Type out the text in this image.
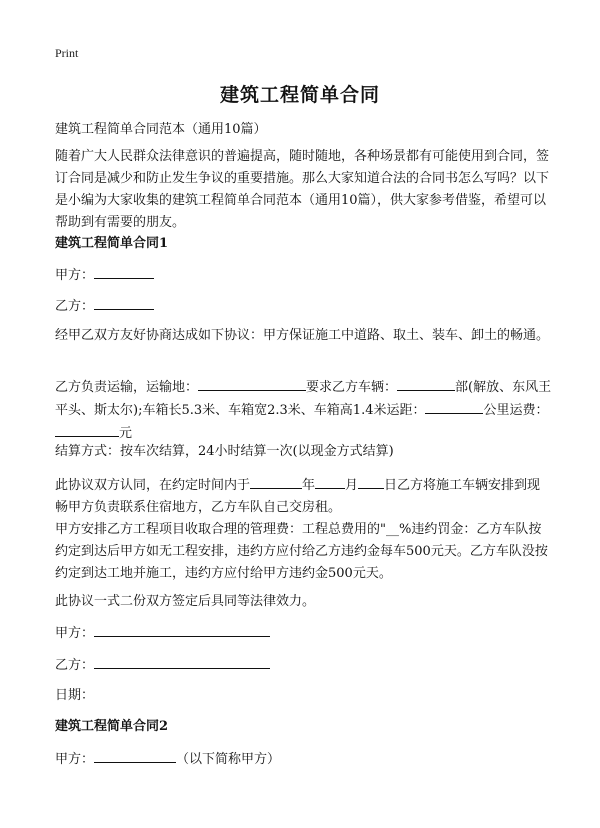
Print
建筑工程简单合同
建筑工程简单合同范本（通用10篇）
随着广大人民群众法律意识的普遍提高，随时随地，各种场景都有可能使用到合同，签订合同是减少和防止发生争议的重要措施。那么大家知道合法的合同书怎么写吗？以下是小编为大家收集的建筑工程简单合同范本（通用10篇），供大家参考借鉴，希望可以帮助到有需要的朋友。
建筑工程简单合同1
甲方：
乙方：
经甲乙双方友好协商达成如下协议：甲方保证施工中道路、取土、装车、卸土的畅通。
乙方负责运输，运输地：	要求乙方车辆：	部(解放、东风王平头、斯太尔);车箱长5.3米、车箱宽2.3米、车箱高1.4米运距：	公里运费：元
结算方式：按车次结算，24小时结算一次(以现金方式结算)
此协议双方认同，在约定时间内于	年 月 日乙方将施工车辆安排到现畅甲方负责联系住宿地方，乙方车队自己交房租。
甲方安排乙方工程项目收取合理的管理费：工程总费用的"__%违约罚金：乙方车队按约定到达后甲方如无工程安排，违约方应付给乙方违约金每车500元天。乙方车队没按约定到达工地并施工，违约方应付给甲方违约金500元天。
此协议一式二份双方签定后具同等法律效力。
甲方：
乙方：
日期：
建筑工程简单合同2
甲方：	（以下简称甲方）
